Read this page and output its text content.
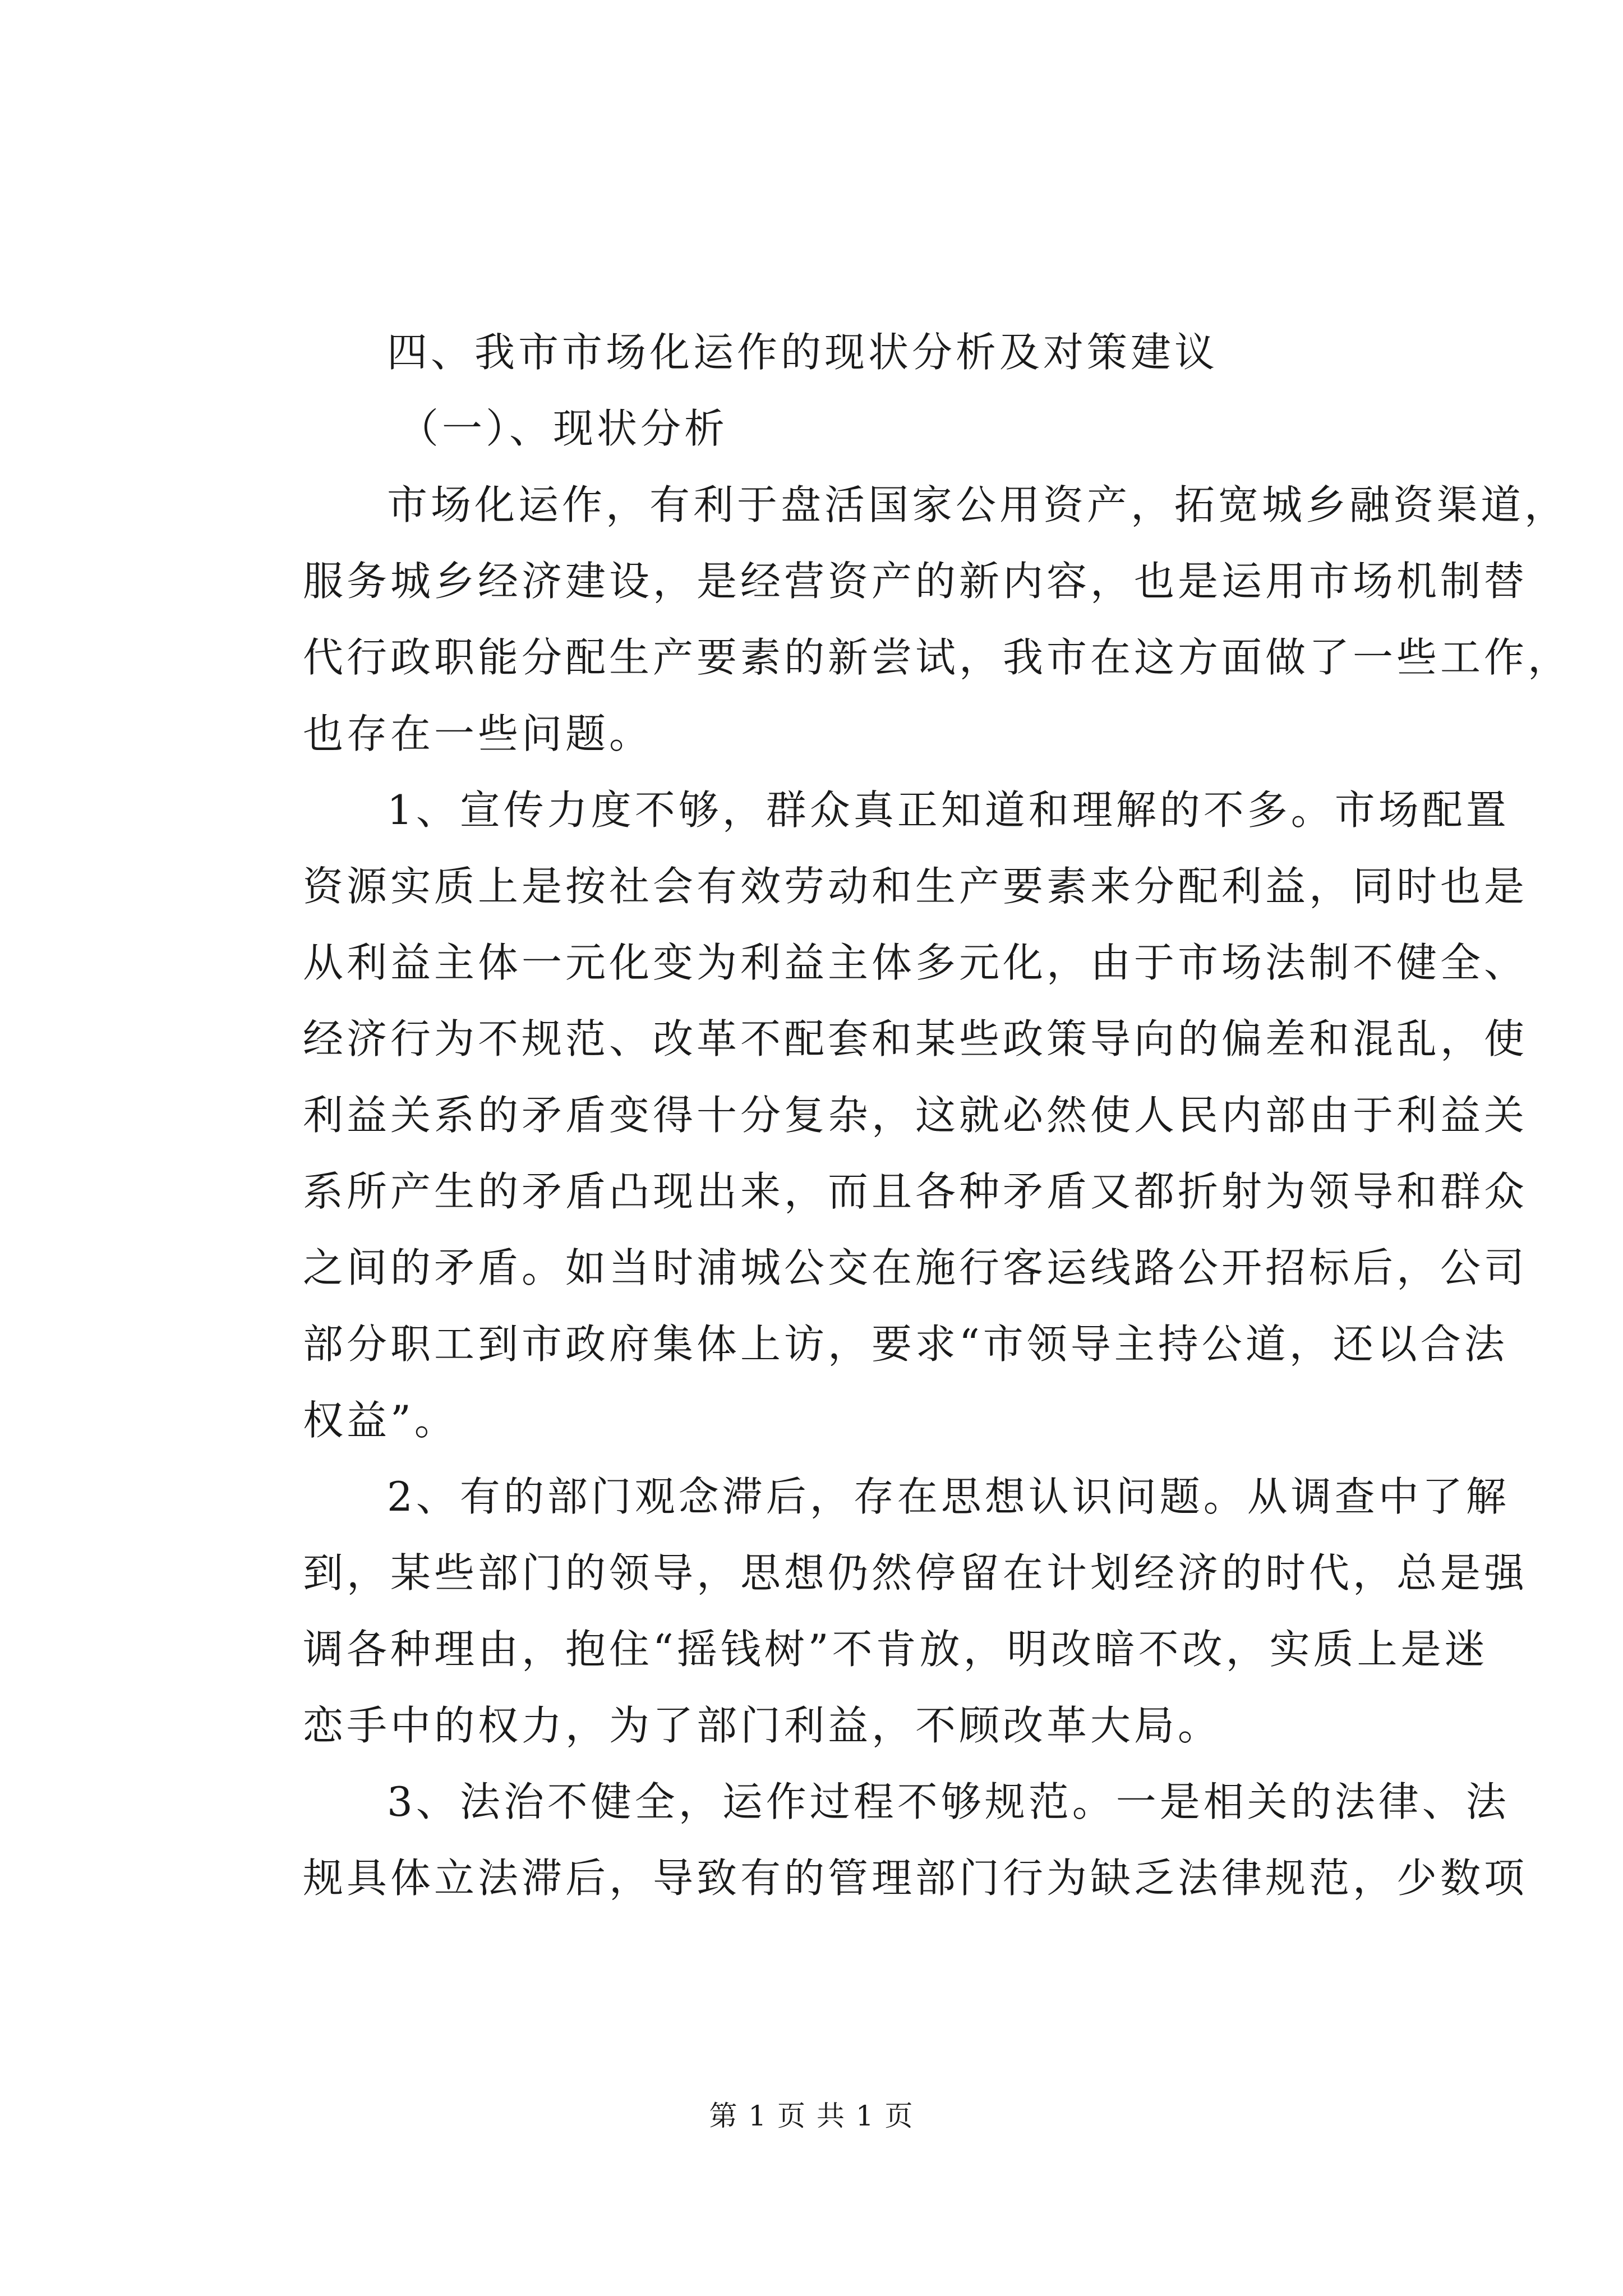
四、我市市场化运作的现状分析及对策建议
（一）、现状分析
市场化运作，有利于盘活国家公用资产，拓宽城乡融资渠道，
服务城乡经济建设，是经营资产的新内容，也是运用市场机制替
代行政职能分配生产要素的新尝试，我市在这方面做了一些工作，
也存在一些问题。
1、宣传力度不够，群众真正知道和理解的不多。市场配置
资源实质上是按社会有效劳动和生产要素来分配利益，同时也是
从利益主体一元化变为利益主体多元化，由于市场法制不健全、
经济行为不规范、改革不配套和某些政策导向的偏差和混乱，使
利益关系的矛盾变得十分复杂，这就必然使人民内部由于利益关
系所产生的矛盾凸现出来，而且各种矛盾又都折射为领导和群众
之间的矛盾。如当时浦城公交在施行客运线路公开招标后，公司
部分职工到市政府集体上访，要求“市领导主持公道，还以合法
权益”。
2、有的部门观念滞后，存在思想认识问题。从调查中了解
到，某些部门的领导，思想仍然停留在计划经济的时代，总是强
调各种理由，抱住“摇钱树”不肯放，明改暗不改，实质上是迷
恋手中的权力，为了部门利益，不顾改革大局。
3、法治不健全，运作过程不够规范。一是相关的法律、法
规具体立法滞后，导致有的管理部门行为缺乏法律规范，少数项
第 1 页 共 1 页
